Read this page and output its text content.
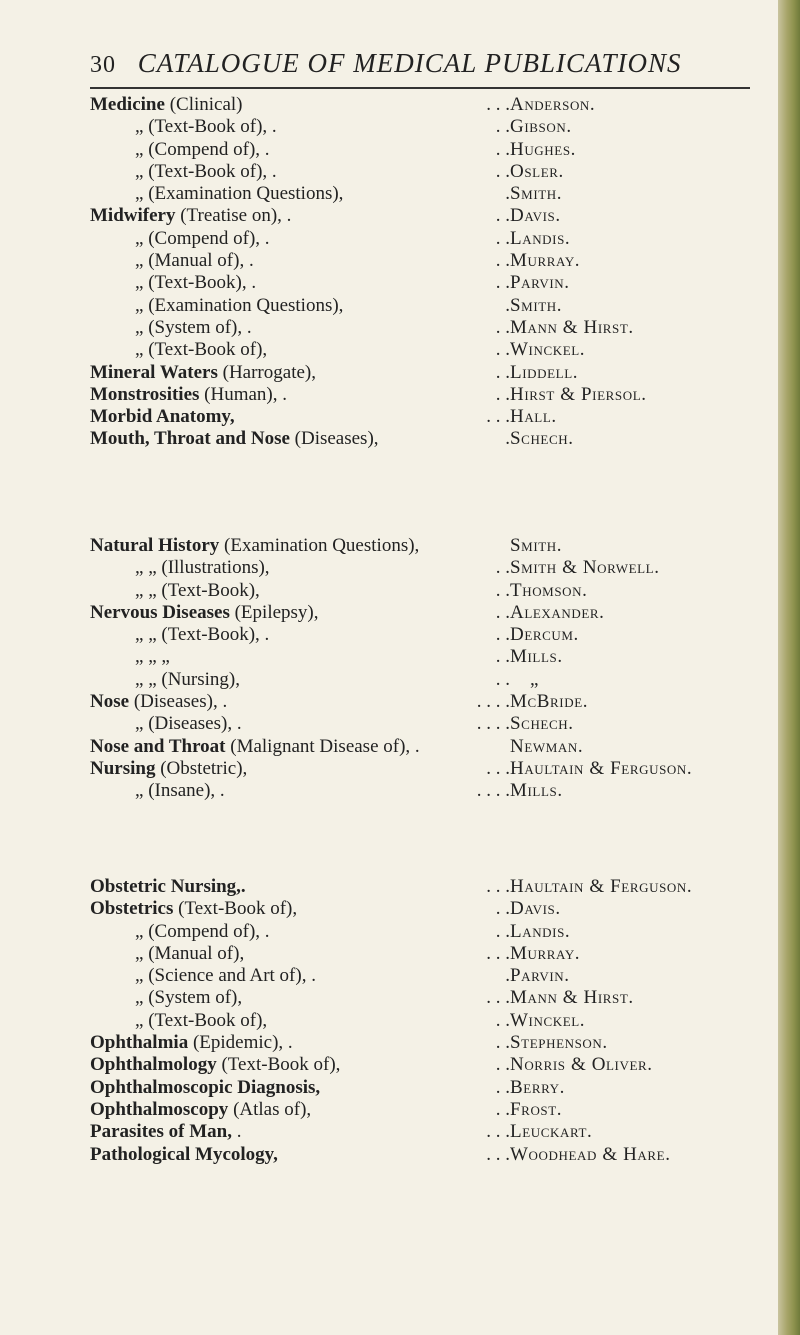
30 CATALOGUE OF MEDICAL PUBLICATIONS
Medicine (Clinical)	. . . Anderson.
„ (Text-Book of), .	. . Gibson.
„ (Compend of), .	. . Hughes.
„ (Text-Book of), .	. . Osler.
„ (Examination Questions),	. Smith.
Midwifery (Treatise on), .	. . Davis.
„ (Compend of), .	. . Landis.
„ (Manual of), .	. . Murray.
„ (Text-Book), .	. . Parvin.
„ (Examination Questions),	. Smith.
„ (System of), .	. . Mann & Hirst.
„ (Text-Book of),	. . Winckel.
Mineral Waters (Harrogate),	. . Liddell.
Monstrosities (Human), .	. . Hirst & Piersol.
Morbid Anatomy,	. . . Hall.
Mouth, Throat and Nose (Diseases),	. Schech.
Natural History (Examination Questions),	Smith.
„ „ (Illustrations),	. . Smith & Norwell.
„ „ (Text-Book),	. . Thomson.
Nervous Diseases (Epilepsy),	. . Alexander.
„ „ (Text-Book), .	. . Dercum.
„ „ „	. . Mills.
„ „ (Nursing),	. . „
Nose (Diseases), .	. . . . McBride.
„ (Diseases), .	. . . . Schech.
Nose and Throat (Malignant Disease of), .	Newman.
Nursing (Obstetric),	. . . Haultain & Ferguson.
„ (Insane), .	. . . . Mills.
Obstetric Nursing,.	. . . Haultain & Ferguson.
Obstetrics (Text-Book of),	. . Davis.
„ (Compend of), .	. . Landis.
„ (Manual of),	. . . Murray.
„ (Science and Art of), .	. Parvin.
„ (System of),	. . . Mann & Hirst.
„ (Text-Book of),	. . Winckel.
Ophthalmia (Epidemic), .	. . Stephenson.
Ophthalmology (Text-Book of),	. . Norris & Oliver.
Ophthalmoscopic Diagnosis,	. . Berry.
Ophthalmoscopy (Atlas of),	. . Frost.
Parasites of Man, .	. . . Leuckart.
Pathological Mycology,	. . . Woodhead & Hare.
